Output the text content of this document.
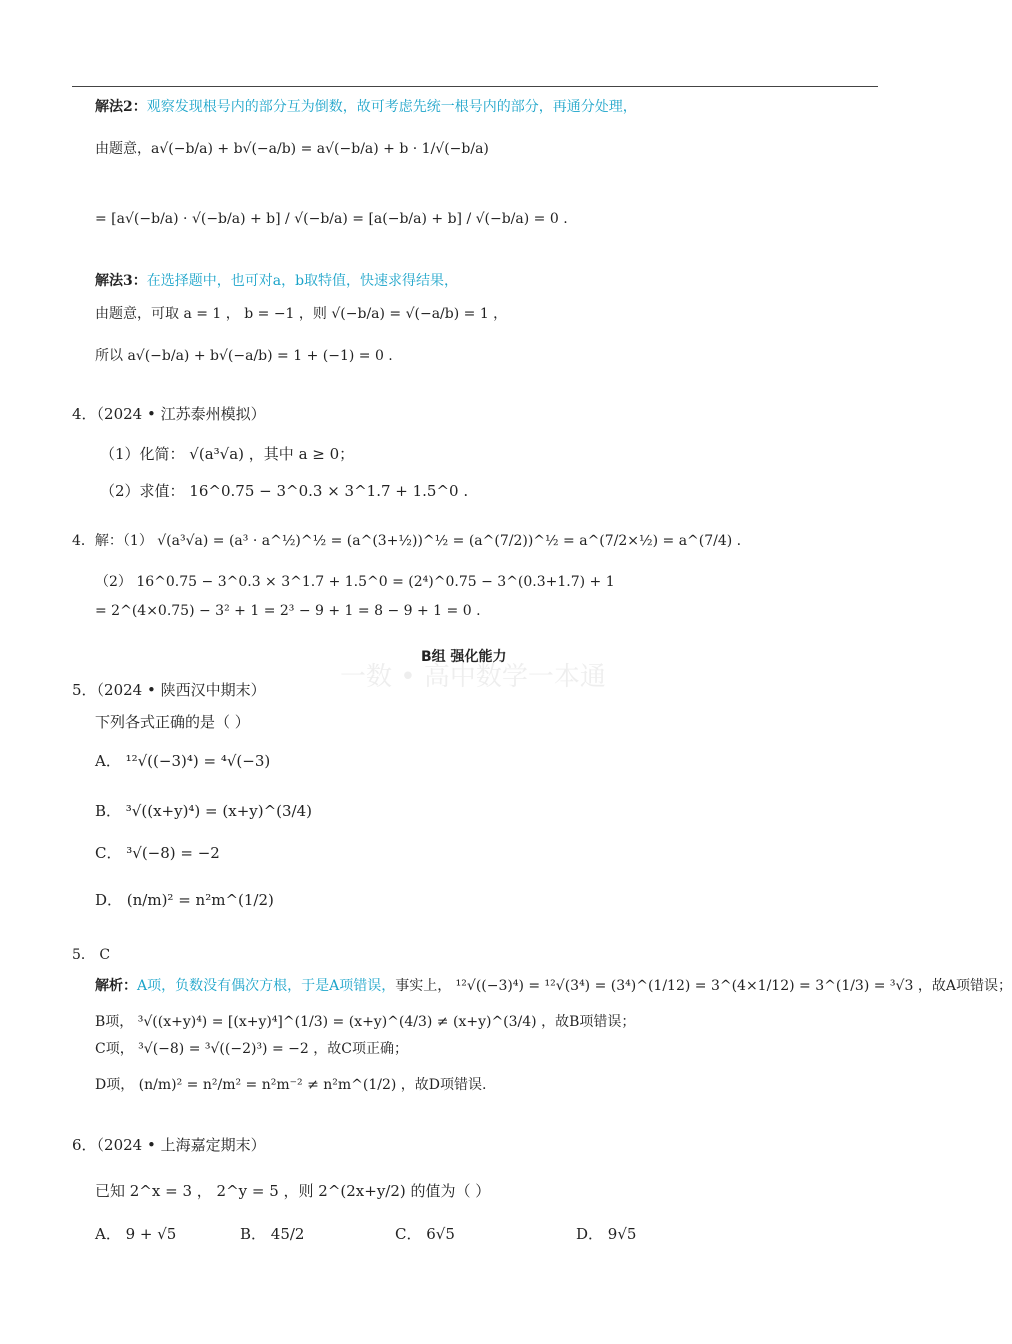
一数 • 高中数学一本通
解法2：观察发现根号内的部分互为倒数，故可考虑先统一根号内的部分，再通分处理，
由题意，a√(−b/a) + b√(−a/b) = a√(−b/a) + b · 1/√(−b/a)
= [a√(−b/a) · √(−b/a) + b] / √(−b/a) = [a(−b/a) + b] / √(−b/a) = 0 .
解法3：在选择题中，也可对a，b取特值，快速求得结果，
由题意，可取 a = 1 ， b = −1 ，则 √(−b/a) = √(−a/b) = 1 ，
所以 a√(−b/a) + b√(−a/b) = 1 + (−1) = 0 .
4．（2024 • 江苏泰州模拟）
（1）化简： √(a³√a) ，其中 a ≥ 0；
（2）求值： 16^0.75 − 3^0.3 × 3^1.7 + 1.5^0 .
4．解：（1） √(a³√a) = (a³ · a^½)^½ = (a^(3+½))^½ = (a^(7/2))^½ = a^(7/2×½) = a^(7/4) .
（2） 16^0.75 − 3^0.3 × 3^1.7 + 1.5^0 = (2⁴)^0.75 − 3^(0.3+1.7) + 1
= 2^(4×0.75) − 3² + 1 = 2³ − 9 + 1 = 8 − 9 + 1 = 0 .
B组 强化能力
5．（2024 • 陕西汉中期末）
下列各式正确的是（ ）
A． ¹²√((−3)⁴) = ⁴√(−3)
B． ³√((x+y)⁴) = (x+y)^(3/4)
C． ³√(−8) = −2
D． (n/m)² = n²m^(1/2)
5． C
解析：A项，负数没有偶次方根，于是A项错误，事实上， ¹²√((−3)⁴) = ¹²√(3⁴) = (3⁴)^(1/12) = 3^(4×1/12) = 3^(1/3) = ³√3 ，故A项错误；
B项， ³√((x+y)⁴) = [(x+y)⁴]^(1/3) = (x+y)^(4/3) ≠ (x+y)^(3/4) ，故B项错误；
C项， ³√(−8) = ³√((−2)³) = −2 ，故C项正确；
D项， (n/m)² = n²/m² = n²m⁻² ≠ n²m^(1/2) ，故D项错误.
6．（2024 • 上海嘉定期末）
已知 2^x = 3 ， 2^y = 5 ，则 2^(2x+y/2) 的值为（ ）
A． 9 + √5	B． 45/2	C． 6√5	D． 9√5
